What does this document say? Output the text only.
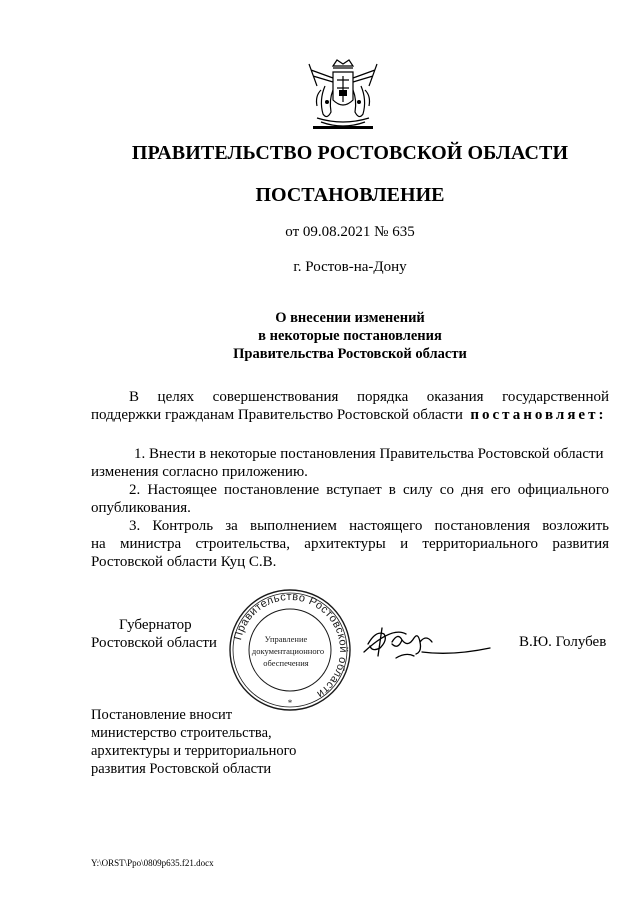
ПРАВИТЕЛЬСТВО РОСТОВСКОЙ ОБЛАСТИ
ПОСТАНОВЛЕНИЕ
от 09.08.2021 № 635
г. Ростов-на-Дону
О внесении изменений
в некоторые постановления
Правительства Ростовской области
В целях совершенствования порядка оказания государственной
поддержки гражданам Правительство Ростовской области постановляет:
1. Внести в некоторые постановления Правительства Ростовской области
изменения согласно приложению.
2. Настоящее постановление вступает в силу со дня его официального
опубликования.
3. Контроль за выполнением настоящего постановления возложить
на министра строительства, архитектуры и территориального развития
Ростовской области Куц С.В.
Губернатор
Ростовской области Правительство Ростовской области
Управление
документационного
обеспечения
*
В.Ю. Голубев
Постановление вносит
министерство строительства,
архитектуры и территориального
развития Ростовской области
Y:\ORST\Ppo\0809p635.f21.docx
